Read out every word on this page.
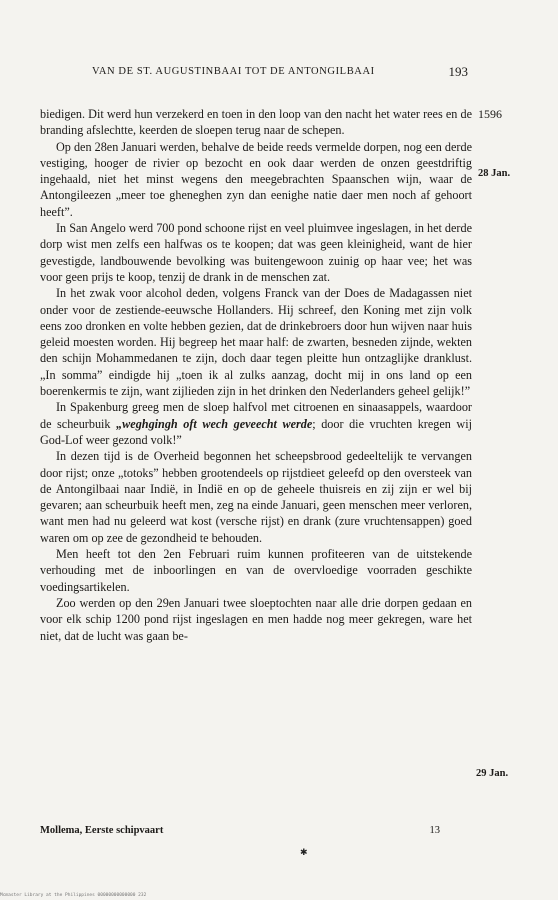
VAN DE ST. AUGUSTINBAAI TOT DE ANTONGILBAAI	193
1596
28 Jan.
29 Jan.

biedigen. Dit werd hun verzekerd en toen in den loop van den nacht het water rees en de branding afslechtte, keerden de sloepen terug naar de schepen.

Op den 28en Januari werden, behalve de beide reeds vermelde dorpen, nog een derde vestiging, hooger de rivier op bezocht en ook daar werden de onzen geestdriftig ingehaald, niet het minst wegens den meegebrachten Spaanschen wijn, waar de Antongileezen „meer toe gheneghen zyn dan eenighe natie daer men noch af gehoort heeft”.

In San Angelo werd 700 pond schoone rijst en veel pluimvee ingeslagen, in het derde dorp wist men zelfs een halfwas os te koopen; dat was geen kleinigheid, want de hier gevestigde, landbouwende bevolking was buitengewoon zuinig op haar vee; het was voor geen prijs te koop, tenzij de drank in de menschen zat.

In het zwak voor alcohol deden, volgens Franck van der Does de Madagassen niet onder voor de zestiende-eeuwsche Hollanders. Hij schreef, den Koning met zijn volk eens zoo dronken en volte hebben gezien, dat de drinkebroers door hun wijven naar huis geleid moesten worden. Hij begreep het maar half: de zwarten, besneden zijnde, wekten den schijn Mohammedanen te zijn, doch daar tegen pleitte hun ontzaglijke dranklust. „In somma” eindigde hij „toen ik al zulks aanzag, docht mij in ons land op een boerenkermis te zijn, want zijlieden zijn in het drinken den Nederlanders geheel gelijk!”

In Spakenburg greeg men de sloep halfvol met citroenen en sinaasappels, waardoor de scheurbuik „weghgingh oft wech geveecht werde; door die vruchten kregen wij God-Lof weer gezond volk!”

In dezen tijd is de Overheid begonnen het scheepsbrood gedeeltelijk te vervangen door rijst; onze „totoks” hebben grootendeels op rijstdieet geleefd op den oversteek van de Antongilbaai naar Indië, in Indië en op de geheele thuisreis en zij zijn er wel bij gevaren; aan scheurbuik heeft men, zeg na einde Januari, geen menschen meer verloren, want men had nu geleerd wat kost (versche rijst) en drank (zure vruchtensappen) goed waren om op zee de gezondheid te behouden.

Men heeft tot den 2en Februari ruim kunnen profiteeren van de uitstekende verhouding met de inboorlingen en van de overvloedige voorraden geschikte voedingsartikelen.

Zoo werden op den 29en Januari twee sloeptochten naar alle drie dorpen gedaan en voor elk schip 1200 pond rijst ingeslagen en men hadde nog meer gekregen, ware het niet, dat de lucht was gaan be-

Mollema, Eerste schipvaart	13
✱
Mcmaster Library at the Philippines 00000000000000 232
